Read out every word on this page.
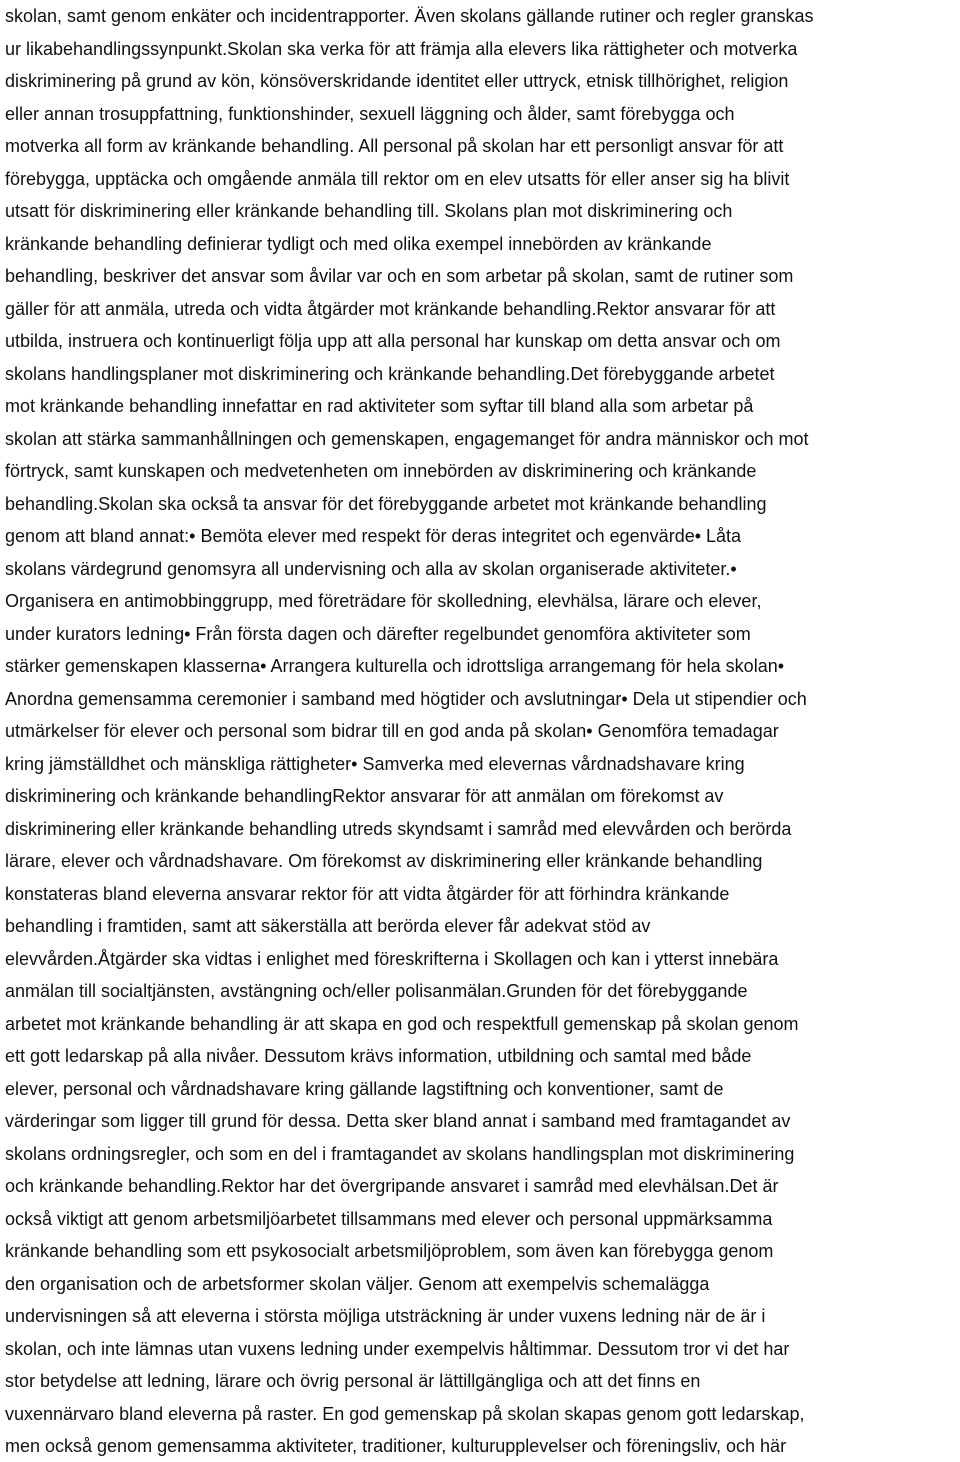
skolan, samt genom enkäter och incidentrapporter. Även skolans gällande rutiner och regler granskas
ur likabehandlingssynpunkt.Skolan ska verka för att främja alla elevers lika rättigheter och motverka
diskriminering på grund av kön, könsöverskridande identitet eller uttryck, etnisk tillhörighet, religion
eller annan trosuppfattning, funktionshinder, sexuell läggning och ålder, samt förebygga och
motverka all form av kränkande behandling. All personal på skolan har ett personligt ansvar för att
förebygga, upptäcka och omgående anmäla till rektor om en elev utsatts för eller anser sig ha blivit
utsatt för diskriminering eller kränkande behandling till. Skolans plan mot diskriminering och
kränkande behandling definierar tydligt och med olika exempel innebörden av kränkande
behandling, beskriver det ansvar som åvilar var och en som arbetar på skolan, samt de rutiner som
gäller för att anmäla, utreda och vidta åtgärder mot kränkande behandling.Rektor ansvarar för att
utbilda, instruera och kontinuerligt följa upp att alla personal har kunskap om detta ansvar och om
skolans handlingsplaner mot diskriminering och kränkande behandling.Det förebyggande arbetet
mot kränkande behandling innefattar en rad aktiviteter som syftar till bland alla som arbetar på
skolan att stärka sammanhållningen och gemenskapen, engagemanget för andra människor och mot
förtryck, samt kunskapen och medvetenheten om innebörden av diskriminering och kränkande
behandling.Skolan ska också ta ansvar för det förebyggande arbetet mot kränkande behandling
genom att bland annat:• Bemöta elever med respekt för deras integritet och egenvärde• Låta
skolans värdegrund genomsyra all undervisning och alla av skolan organiserade aktiviteter.•
Organisera en antimobbinggrupp, med företrädare för skolledning, elevhälsa, lärare och elever,
under kurators ledning• Från första dagen och därefter regelbundet genomföra aktiviteter som
stärker gemenskapen klasserna• Arrangera kulturella och idrottsliga arrangemang för hela skolan•
Anordna gemensamma ceremonier i samband med högtider och avslutningar• Dela ut stipendier och
utmärkelser för elever och personal som bidrar till en god anda på skolan• Genomföra temadagar
kring jämställdhet och mänskliga rättigheter• Samverka med elevernas vårdnadshavare kring
diskriminering och kränkande behandlingRektor ansvarar för att anmälan om förekomst av
diskriminering eller kränkande behandling utreds skyndsamt i samråd med elevvården och berörda
lärare, elever och vårdnadshavare. Om förekomst av diskriminering eller kränkande behandling
konstateras bland eleverna ansvarar rektor för att vidta åtgärder för att förhindra kränkande
behandling i framtiden, samt att säkerställa att berörda elever får adekvat stöd av
elevvården.Åtgärder ska vidtas i enlighet med föreskrifterna i Skollagen och kan i ytterst innebära
anmälan till socialtjänsten, avstängning och/eller polisanmälan.Grunden för det förebyggande
arbetet mot kränkande behandling är att skapa en god och respektfull gemenskap på skolan genom
ett gott ledarskap på alla nivåer. Dessutom krävs information, utbildning och samtal med både
elever, personal och vårdnadshavare kring gällande lagstiftning och konventioner, samt de
värderingar som ligger till grund för dessa. Detta sker bland annat i samband med framtagandet av
skolans ordningsregler, och som en del i framtagandet av skolans handlingsplan mot diskriminering
och kränkande behandling.Rektor har det övergripande ansvaret i samråd med elevhälsan.Det är
också viktigt att genom arbetsmiljöarbetet tillsammans med elever och personal uppmärksamma
kränkande behandling som ett psykosocialt arbetsmiljöproblem, som även kan förebygga genom
den organisation och de arbetsformer skolan väljer. Genom att exempelvis schemalägga
undervisningen så att eleverna i största möjliga utsträckning är under vuxens ledning när de är i
skolan, och inte lämnas utan vuxens ledning under exempelvis håltimmar. Dessutom tror vi det har
stor betydelse att ledning, lärare och övrig personal är lättillgängliga och att det finns en
vuxennärvaro bland eleverna på raster. En god gemenskap på skolan skapas genom gott ledarskap,
men också genom gemensamma aktiviteter, traditioner, kulturupplevelser och föreningsliv, och här
